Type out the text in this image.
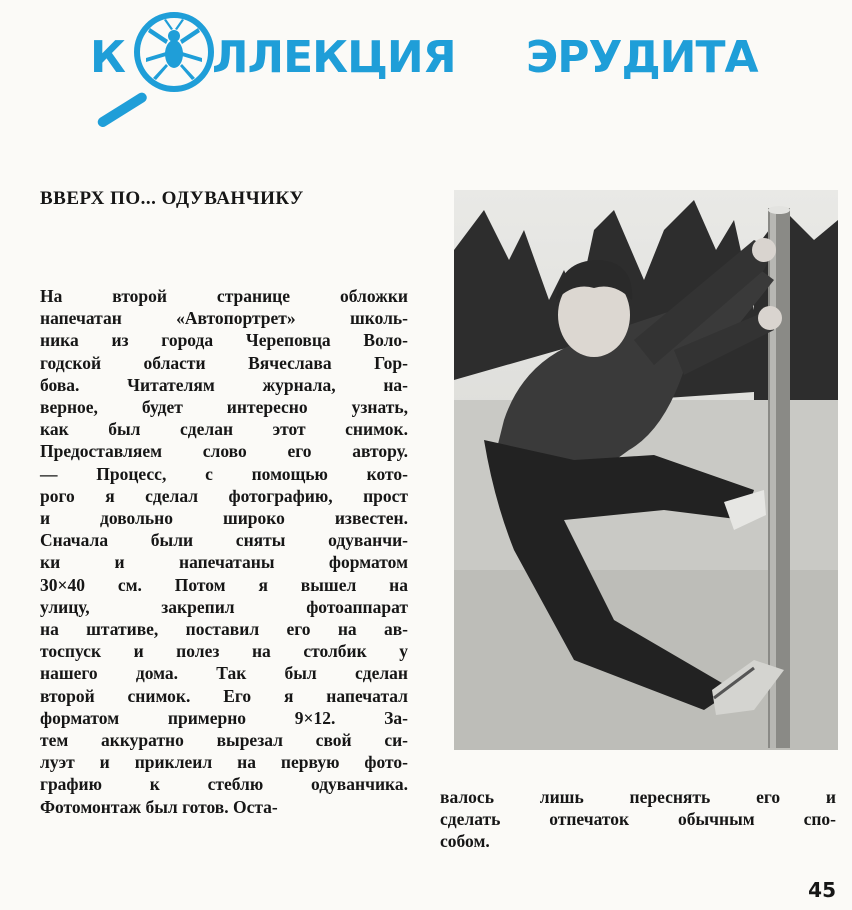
К ЛЛЕКЦИЯ ЭРУДИТА
ВВЕРХ ПО... ОДУВАНЧИКУ
На второй странице обложки
напечатан «Автопортрет» школь-
ника из города Череповца Воло-
годской области Вячеслава Гор-
бова. Читателям журнала, на-
верное, будет интересно узнать,
как был сделан этот снимок.
Предоставляем слово его автору.
— Процесс, с помощью кото-
рого я сделал фотографию, прост
и довольно широко известен.
Сначала были сняты одуванчи-
ки и напечатаны форматом
30×40 см. Потом я вышел на
улицу, закрепил фотоаппарат
на штативе, поставил его на ав-
тоспуск и полез на столбик у
нашего дома. Так был сделан
второй снимок. Его я напечатал
форматом примерно 9×12. За-
тем аккуратно вырезал свой си-
луэт и приклеил на первую фото-
графию к стеблю одуванчика.
Фотомонтаж был готов. Оста-	валось лишь переснять его и
сделать отпечаток обычным спо-
собом.
45
